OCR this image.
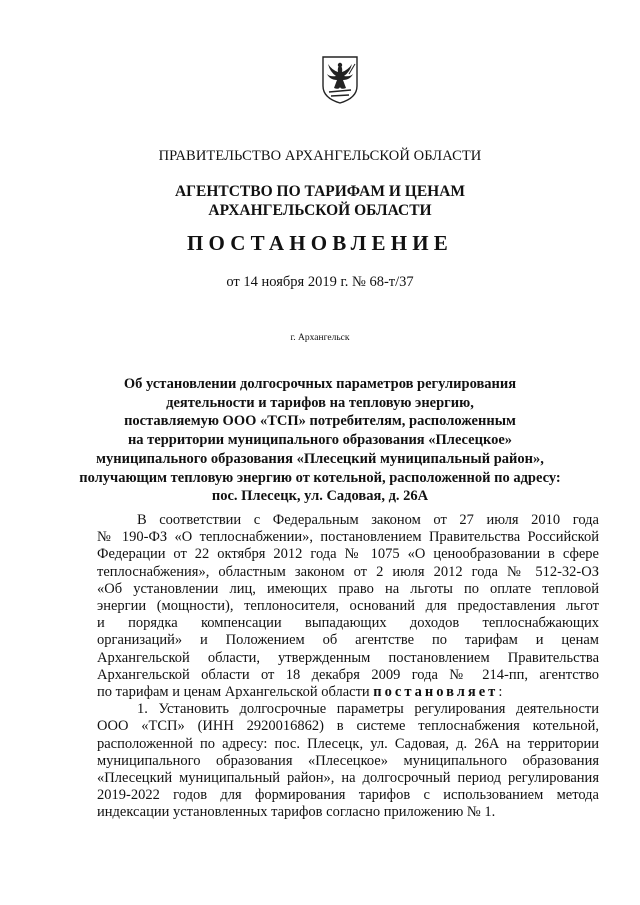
ПРАВИТЕЛЬСТВО АРХАНГЕЛЬСКОЙ ОБЛАСТИ
АГЕНТСТВО ПО ТАРИФАМ И ЦЕНАМ
АРХАНГЕЛЬСКОЙ ОБЛАСТИ
ПОСТАНОВЛЕНИЕ
от 14 ноября 2019 г. № 68-т/37
г. Архангельск
Об установлении долгосрочных параметров регулирования
деятельности и тарифов на тепловую энергию,
поставляемую ООО «ТСП» потребителям, расположенным
на территории муниципального образования «Плесецкое»
муниципального образования «Плесецкий муниципальный район»,
получающим тепловую энергию от котельной, расположенной по адресу:
пос. Плесецк, ул. Садовая, д. 26А
В соответствии с Федеральным законом от 27 июля 2010 года
№ 190-ФЗ «О теплоснабжении», постановлением Правительства Российской
Федерации от 22 октября 2012 года № 1075 «О ценообразовании в сфере
теплоснабжения», областным законом от 2 июля 2012 года № 512-32-ОЗ
«Об установлении лиц, имеющих право на льготы по оплате тепловой
энергии (мощности), теплоносителя, оснований для предоставления льгот
и порядка компенсации выпадающих доходов теплоснабжающих
организаций» и Положением об агентстве по тарифам и ценам
Архангельской области, утвержденным постановлением Правительства
Архангельской области от 18 декабря 2009 года № 214-пп, агентство
по тарифам и ценам Архангельской области постановляет:
1. Установить долгосрочные параметры регулирования деятельности
ООО «ТСП» (ИНН 2920016862) в системе теплоснабжения котельной,
расположенной по адресу: пос. Плесецк, ул. Садовая, д. 26А на территории
муниципального образования «Плесецкое» муниципального образования
«Плесецкий муниципальный район», на долгосрочный период регулирования
2019-2022 годов для формирования тарифов с использованием метода
индексации установленных тарифов согласно приложению № 1.
